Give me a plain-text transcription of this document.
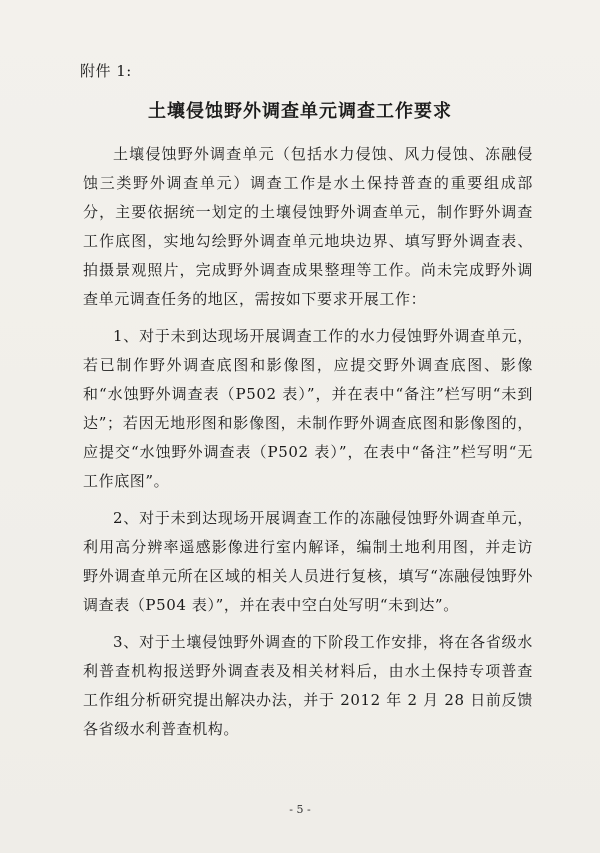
附件 1:
土壤侵蚀野外调查单元调查工作要求

土壤侵蚀野外调查单元（包括水力侵蚀、风力侵蚀、冻融侵蚀三类野外调查单元）调查工作是水土保持普查的重要组成部分，主要依据统一划定的土壤侵蚀野外调查单元，制作野外调查工作底图，实地勾绘野外调查单元地块边界、填写野外调查表、拍摄景观照片，完成野外调查成果整理等工作。尚未完成野外调查单元调查任务的地区，需按如下要求开展工作：

1、对于未到达现场开展调查工作的水力侵蚀野外调查单元，若已制作野外调查底图和影像图，应提交野外调查底图、影像和“水蚀野外调查表（P502 表）”，并在表中“备注”栏写明“未到达”；若因无地形图和影像图，未制作野外调查底图和影像图的，应提交“水蚀野外调查表（P502 表）”，在表中“备注”栏写明“无工作底图”。

2、对于未到达现场开展调查工作的冻融侵蚀野外调查单元，利用高分辨率遥感影像进行室内解译，编制土地利用图，并走访野外调查单元所在区域的相关人员进行复核，填写“冻融侵蚀野外调查表（P504 表）”，并在表中空白处写明“未到达”。

3、对于土壤侵蚀野外调查的下阶段工作安排，将在各省级水利普查机构报送野外调查表及相关材料后，由水土保持专项普查工作组分析研究提出解决办法，并于 2012 年 2 月 28 日前反馈各省级水利普查机构。

- 5 -
